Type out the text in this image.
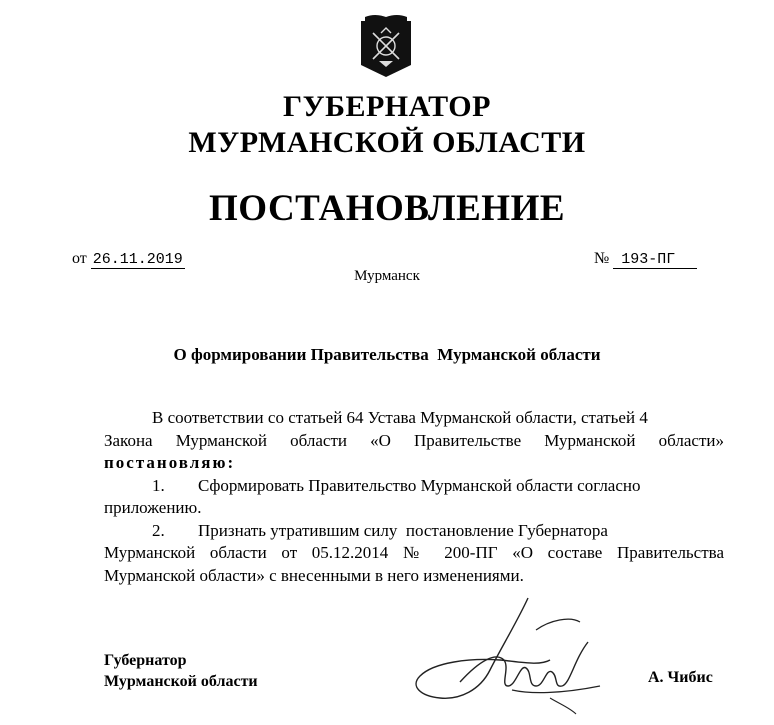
ГУБЕРНАТОР
МУРМАНСКОЙ ОБЛАСТИ
ПОСТАНОВЛЕНИЕ
от 26.11.2019	№ 193-ПГ
Мурманск
О формировании Правительства  Мурманской области
В соответствии со статьей 64 Устава Мурманской области, статьей 4
Закона Мурманской области «О Правительстве Мурманской области»
постановляю:
1. Сформировать Правительство Мурманской области согласно
приложению.
2. Признать утратившим силу  постановление Губернатора
Мурманской области от 05.12.2014 № 200-ПГ «О составе Правительства
Мурманской области» с внесенными в него изменениями.
Губернатор
Мурманской области	А. Чибис
